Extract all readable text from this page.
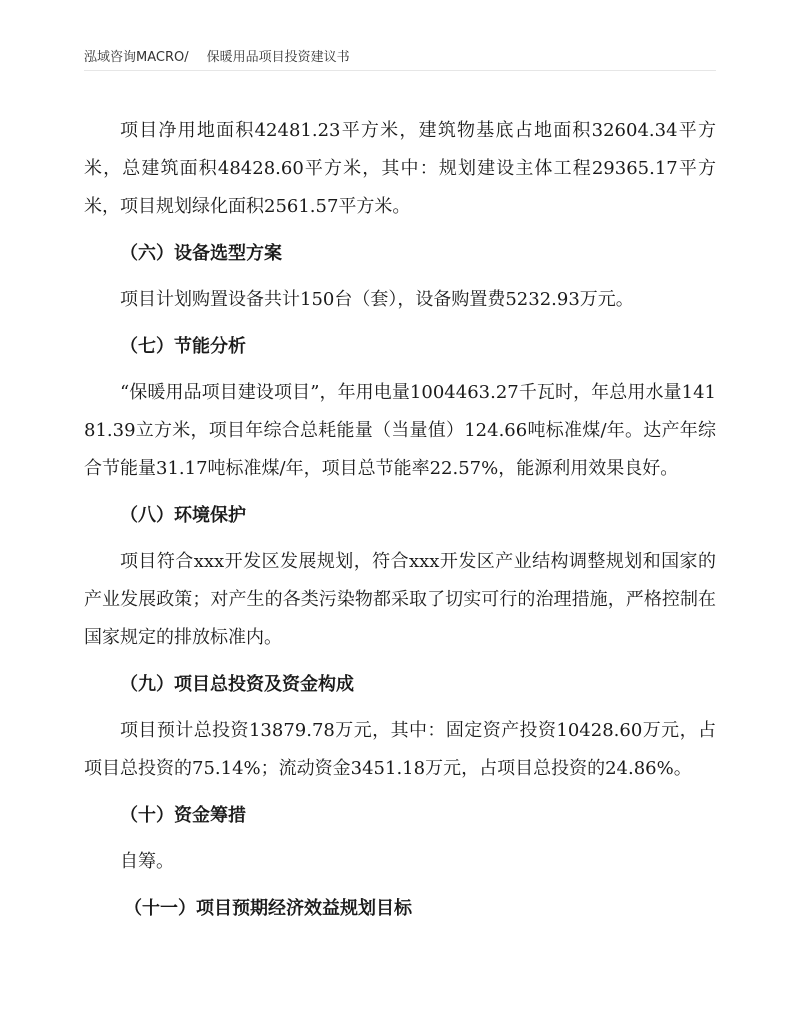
泓域咨询MACRO/ 保暖用品项目投资建议书

项目净用地面积42481.23平方米，建筑物基底占地面积32604.34平方米，总建筑面积48428.60平方米，其中：规划建设主体工程29365.17平方米，项目规划绿化面积2561.57平方米。

（六）设备选型方案

项目计划购置设备共计150台（套），设备购置费5232.93万元。

（七）节能分析

“保暖用品项目建设项目”，年用电量1004463.27千瓦时，年总用水量14181.39立方米，项目年综合总耗能量（当量值）124.66吨标准煤/年。达产年综合节能量31.17吨标准煤/年，项目总节能率22.57%，能源利用效果良好。

（八）环境保护

项目符合xxx开发区发展规划，符合xxx开发区产业结构调整规划和国家的产业发展政策；对产生的各类污染物都采取了切实可行的治理措施，严格控制在国家规定的排放标准内。

（九）项目总投资及资金构成

项目预计总投资13879.78万元，其中：固定资产投资10428.60万元，占项目总投资的75.14%；流动资金3451.18万元，占项目总投资的24.86%。

（十）资金筹措

自筹。

（十一）项目预期经济效益规划目标
